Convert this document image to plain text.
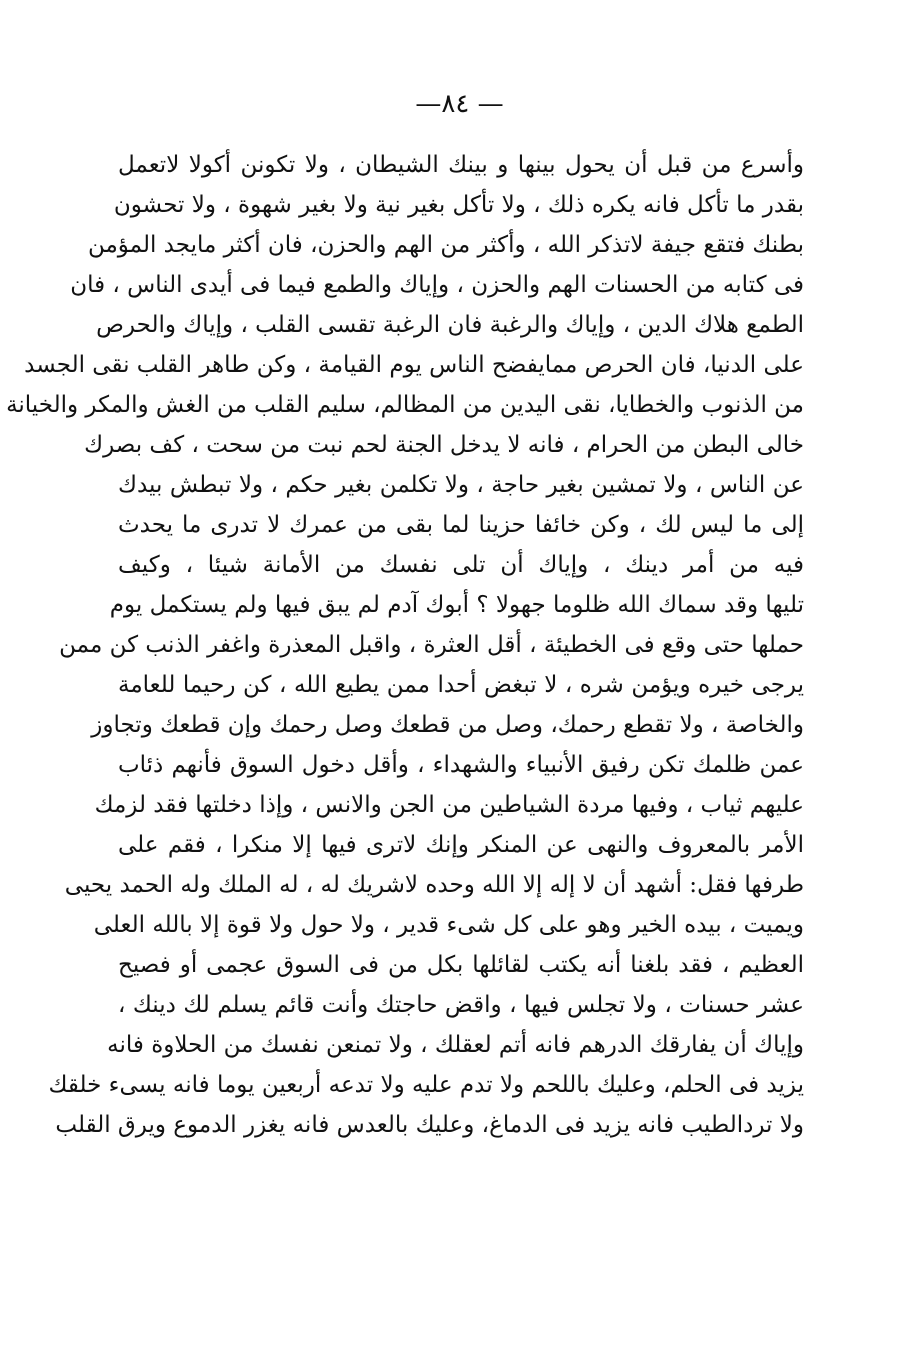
—٨٤ —
وأسرع من قبل أن يحول بينها و بينك الشيطان ، ولا تكونن أكولا لاتعمل
بقدر ما تأكل فانه يكره ذلك ، ولا تأكل بغير نية ولا بغير شهوة ، ولا تحشون
بطنك فتقع جيفة لاتذكر الله ، وأكثر من الهم والحزن، فان أكثر مايجد المؤمن
فى كتابه من الحسنات الهم والحزن ، وإياك والطمع فيما فى أيدى الناس ، فان
الطمع هلاك الدين ، وإياك والرغبة فان الرغبة تقسى القلب ، وإياك والحرص
على الدنيا، فان الحرص ممايفضح الناس يوم القيامة ، وكن طاهر القلب نقى الجسد
من الذنوب والخطايا، نقى اليدين من المظالم، سليم القلب من الغش والمكر والخيانة
خالى البطن من الحرام ، فانه لا يدخل الجنة لحم نبت من سحت ، كف بصرك
عن الناس ، ولا تمشين بغير حاجة ، ولا تكلمن بغير حكم ، ولا تبطش بيدك
إلى ما ليس لك ، وكن خائفا حزينا لما بقى من عمرك لا تدرى ما يحدث
فيه من أمر دينك ، وإياك أن تلى نفسك من الأمانة شيئا ، وكيف
تليها وقد سماك الله ظلوما جهولا ؟ أبوك آدم لم يبق فيها ولم يستكمل يوم
حملها حتى وقع فى الخطيئة ، أقل العثرة ، واقبل المعذرة واغفر الذنب كن ممن
يرجى خيره ويؤمن شره ، لا تبغض أحدا ممن يطيع الله ، كن رحيما للعامة
والخاصة ، ولا تقطع رحمك، وصل من قطعك وصل رحمك وإن قطعك وتجاوز
عمن ظلمك تكن رفيق الأنبياء والشهداء ، وأقل دخول السوق فأنهم ذئاب
عليهم ثياب ، وفيها مردة الشياطين من الجن والانس ، وإذا دخلتها فقد لزمك
الأمر بالمعروف والنهى عن المنكر وإنك لاترى فيها إلا منكرا ، فقم على
طرفها فقل: أشهد أن لا إله إلا الله وحده لاشريك له ، له الملك وله الحمد يحيى
ويميت ، بيده الخير وهو على كل شىء قدير ، ولا حول ولا قوة إلا بالله العلى
العظيم ، فقد بلغنا أنه يكتب لقائلها بكل من فى السوق عجمى أو فصيح
عشر حسنات ، ولا تجلس فيها ، واقض حاجتك وأنت قائم يسلم لك دينك ،
وإياك أن يفارقك الدرهم فانه أتم لعقلك ، ولا تمنعن نفسك من الحلاوة فانه
يزيد فى الحلم، وعليك باللحم ولا تدم عليه ولا تدعه أربعين يوما فانه يسىء خلقك
ولا تردالطيب فانه يزيد فى الدماغ، وعليك بالعدس فانه يغزر الدموع ويرق القلب
